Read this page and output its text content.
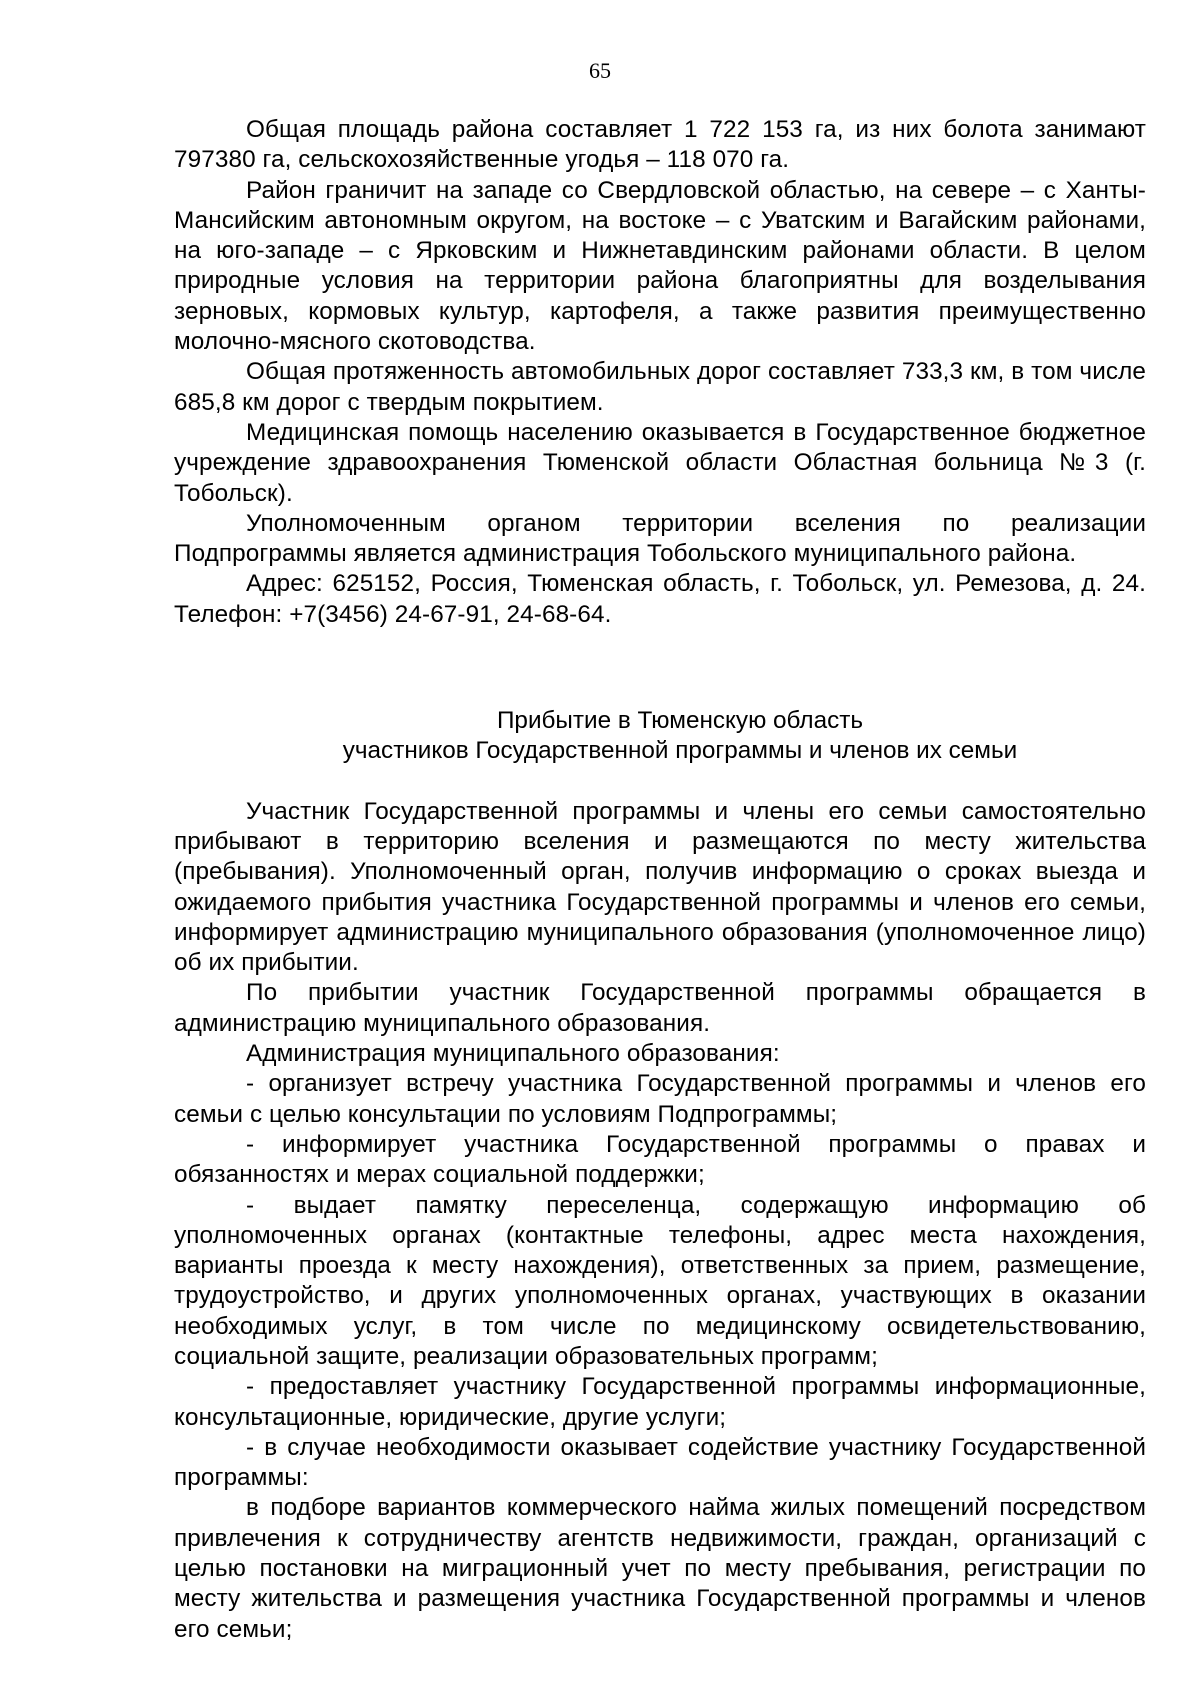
65

Общая площадь района составляет 1 722 153 га, из них болота занимают 797380 га, сельскохозяйственные угодья – 118 070 га.

Район граничит на западе со Свердловской областью, на севере – с Ханты-Мансийским автономным округом, на востоке – с Уватским и Вагайским районами, на юго-западе – с Ярковским и Нижнетавдинским районами области. В целом природные условия на территории района благоприятны для возделывания зерновых, кормовых культур, картофеля, а также развития преимущественно молочно-мясного скотоводства.

Общая протяженность автомобильных дорог составляет 733,3 км, в том числе 685,8 км дорог с твердым покрытием.

Медицинская помощь населению оказывается в Государственное бюджетное учреждение здравоохранения Тюменской области Областная больница №3 (г. Тобольск).

Уполномоченным органом территории вселения по реализации Подпрограммы является администрация Тобольского муниципального района.

Адрес: 625152, Россия, Тюменская область, г. Тобольск, ул. Ремезова, д. 24. Телефон: +7(3456) 24-67-91, 24-68-64.

Прибытие в Тюменскую область

участников Государственной программы и членов их семьи

Участник Государственной программы и члены его семьи самостоятельно прибывают в территорию вселения и размещаются по месту жительства (пребывания). Уполномоченный орган, получив информацию о сроках выезда и ожидаемого прибытия участника Государственной программы и членов его семьи, информирует администрацию муниципального образования (уполномоченное лицо) об их прибытии.

По прибытии участник Государственной программы обращается в администрацию муниципального образования.

Администрация муниципального образования:

- организует встречу участника Государственной программы и членов его семьи с целью консультации по условиям Подпрограммы;

- информирует участника Государственной программы о правах и обязанностях и мерах социальной поддержки;

- выдает памятку переселенца, содержащую информацию об уполномоченных органах (контактные телефоны, адрес места нахождения, варианты проезда к месту нахождения), ответственных за прием, размещение, трудоустройство, и других уполномоченных органах, участвующих в оказании необходимых услуг, в том числе по медицинскому освидетельствованию, социальной защите, реализации образовательных программ;

- предоставляет участнику Государственной программы информационные, консультационные, юридические, другие услуги;

- в случае необходимости оказывает содействие участнику Государственной программы:

в подборе вариантов коммерческого найма жилых помещений посредством привлечения к сотрудничеству агентств недвижимости, граждан, организаций с целью постановки на миграционный учет по месту пребывания, регистрации по месту жительства и размещения участника Государственной программы и членов его семьи;
